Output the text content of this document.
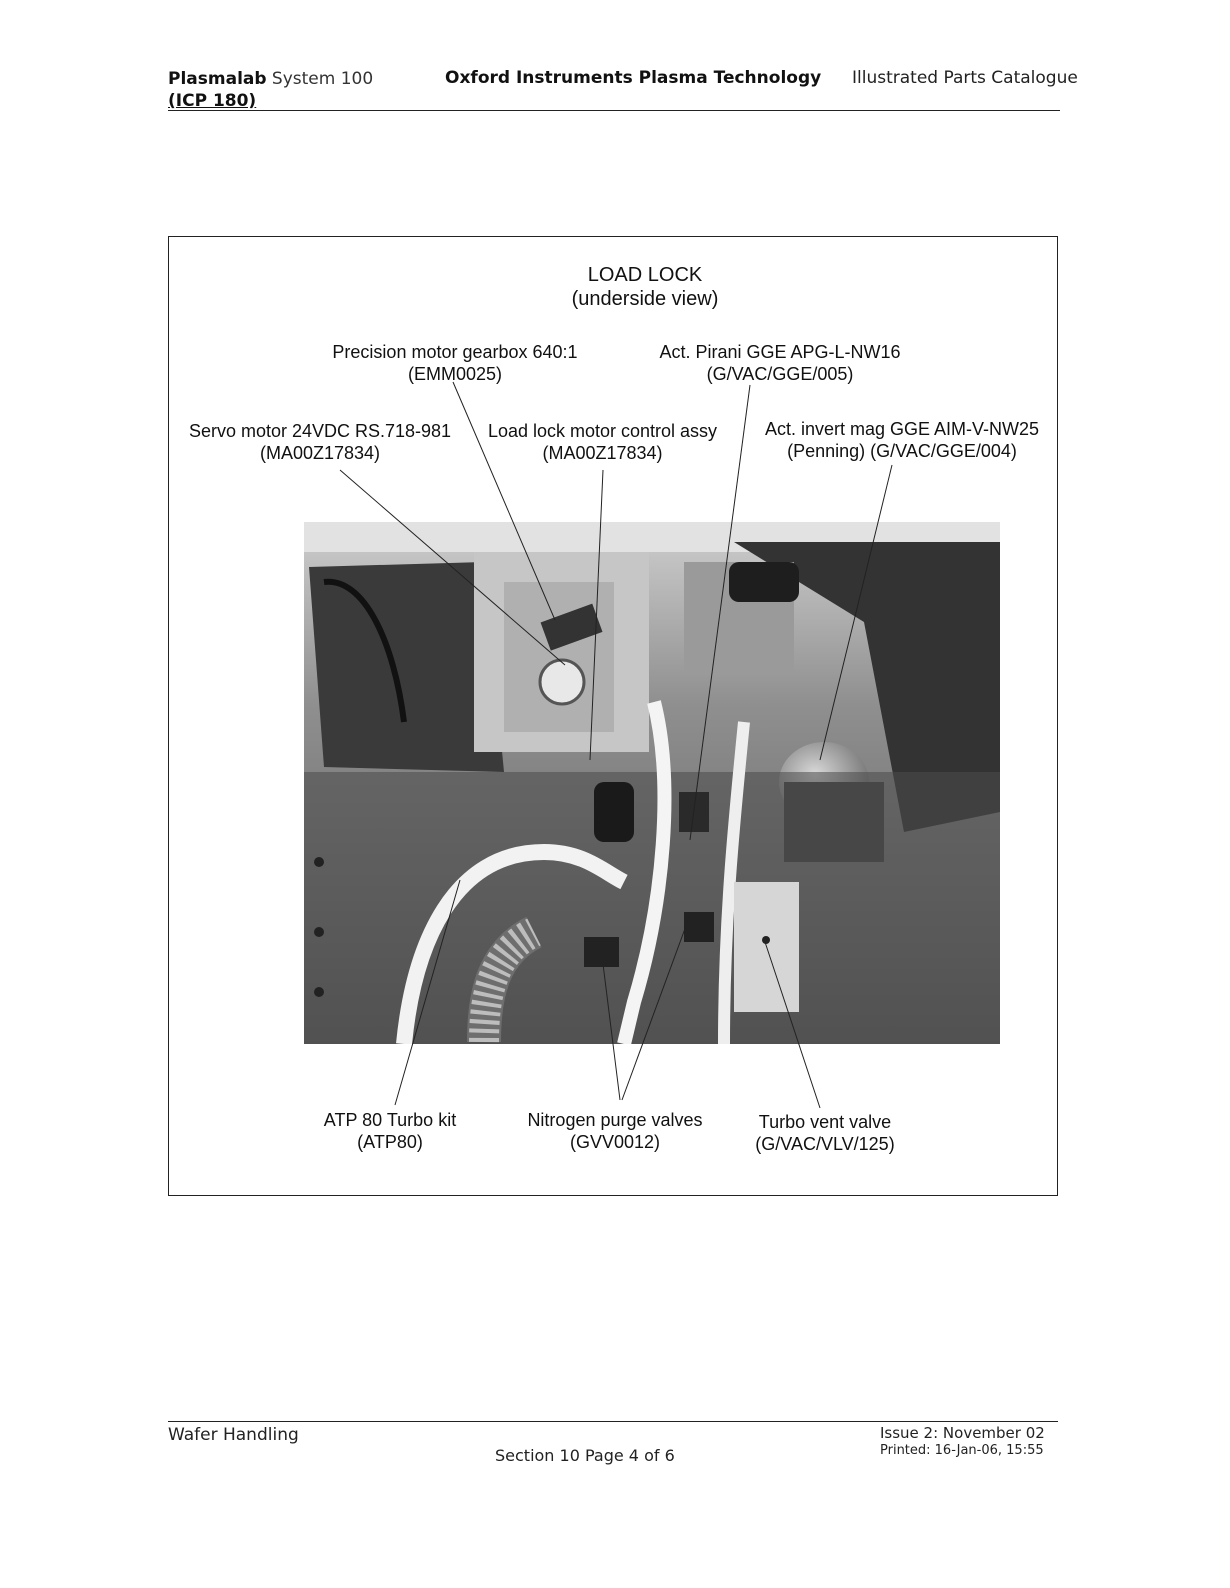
Plasmalab System 100
(ICP 180)
Oxford Instruments Plasma Technology Illustrated Parts Catalogue
LOAD LOCK
(underside view)
Precision motor gearbox 640:1
(EMM0025)
Act. Pirani GGE APG-L-NW16
(G/VAC/GGE/005)
Servo motor 24VDC RS.718-981
(MA00Z17834)
Load lock motor control assy
(MA00Z17834)
Act. invert mag GGE AIM-V-NW25
(Penning) (G/VAC/GGE/004)
ATP 80 Turbo kit
(ATP80)
Nitrogen purge valves
(GVV0012)
Turbo vent valve
(G/VAC/VLV/125)
Wafer Handling
Section 10 Page 4 of 6
Issue 2: November 02
Printed: 16-Jan-06, 15:55
